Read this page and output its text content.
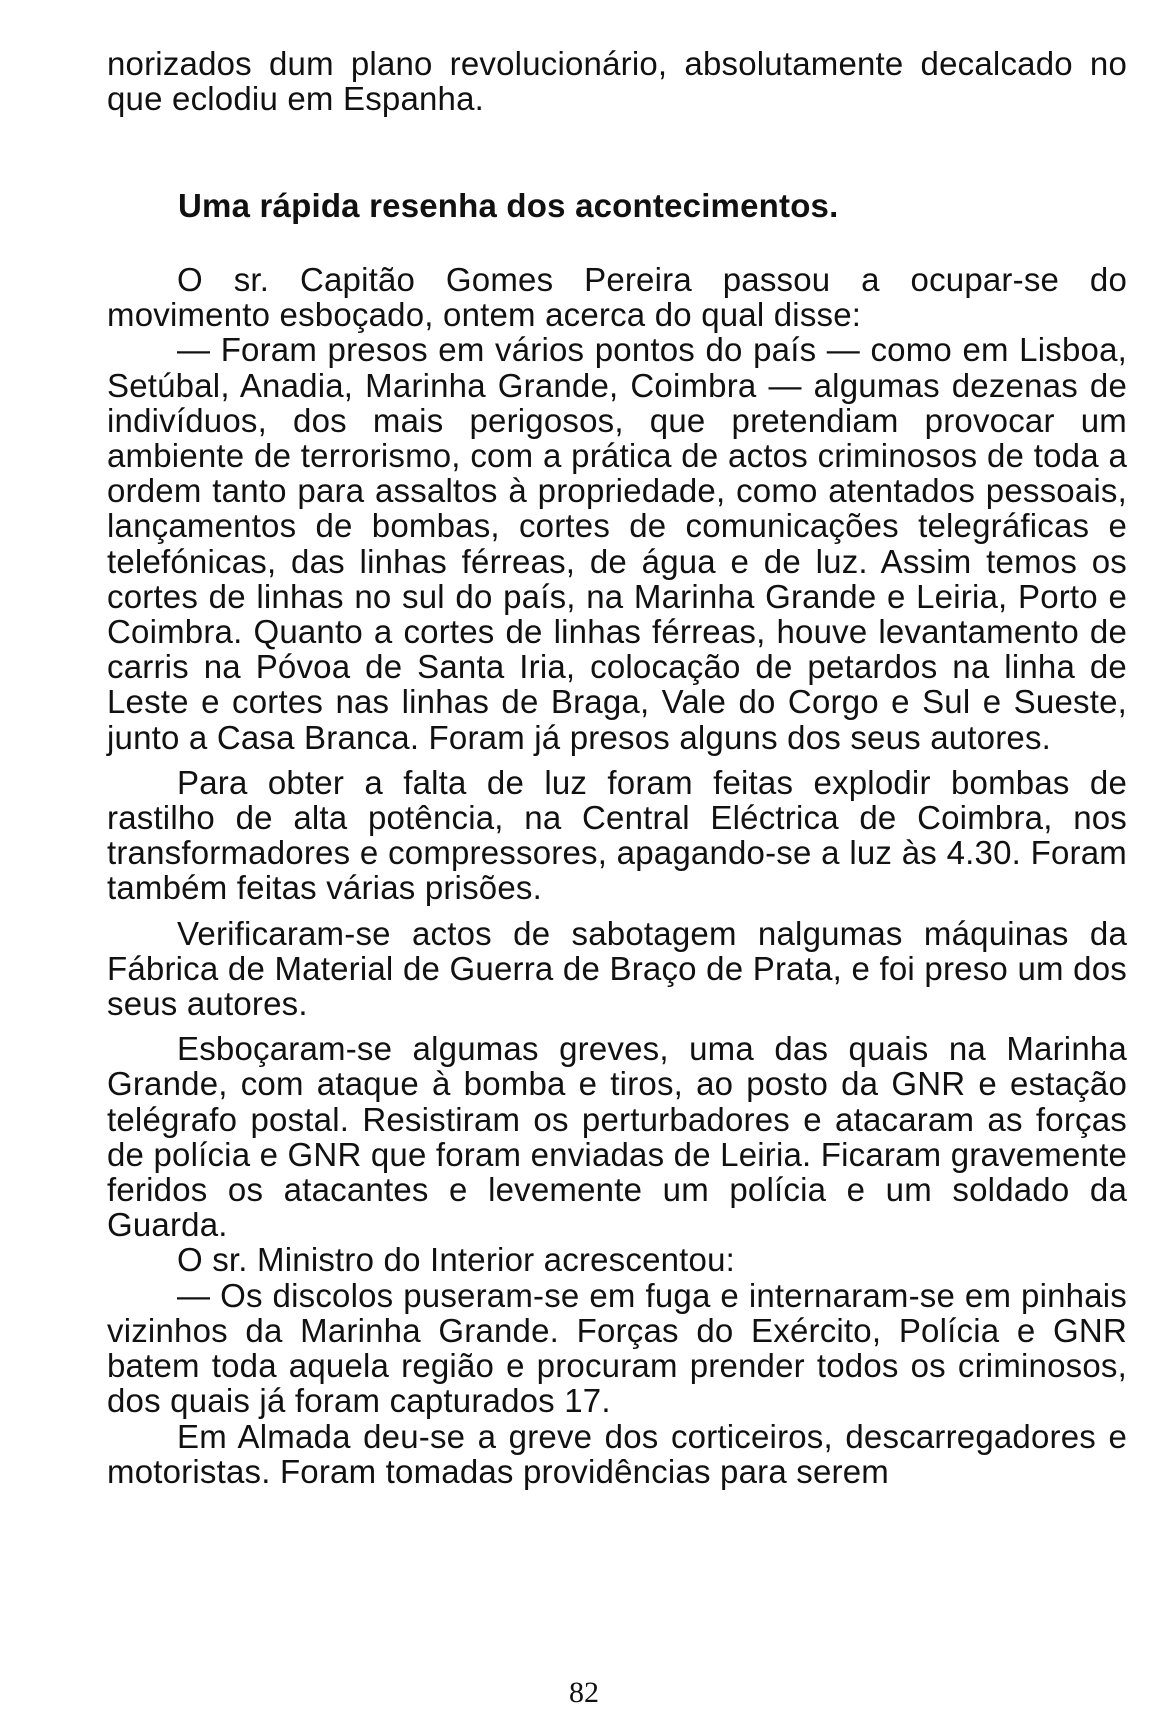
norizados dum plano revolucionário, absolutamente decalcado no que eclodiu em Espanha.

Uma rápida resenha dos acontecimentos.

O sr. Capitão Gomes Pereira passou a ocupar-se do movimento esboçado, ontem acerca do qual disse:

— Foram presos em vários pontos do país — como em Lisboa, Setúbal, Anadia, Marinha Grande, Coimbra — algumas dezenas de indivíduos, dos mais perigosos, que pretendiam provocar um ambiente de terrorismo, com a prática de actos criminosos de toda a ordem tanto para assaltos à propriedade, como atentados pessoais, lançamentos de bombas, cortes de comunicações telegráficas e telefónicas, das linhas férreas, de água e de luz. Assim temos os cortes de linhas no sul do país, na Marinha Grande e Leiria, Porto e Coimbra. Quanto a cortes de linhas férreas, houve levantamento de carris na Póvoa de Santa Iria, colocação de petardos na linha de Leste e cortes nas linhas de Braga, Vale do Corgo e Sul e Sueste, junto a Casa Branca. Foram já presos alguns dos seus autores.

Para obter a falta de luz foram feitas explodir bombas de rastilho de alta potência, na Central Eléctrica de Coimbra, nos transformadores e compressores, apagando-se a luz às 4.30. Foram também feitas várias prisões.

Verificaram-se actos de sabotagem nalgumas máquinas da Fábrica de Material de Guerra de Braço de Prata, e foi preso um dos seus autores.

Esboçaram-se algumas greves, uma das quais na Marinha Grande, com ataque à bomba e tiros, ao posto da GNR e estação telégrafo postal. Resistiram os perturbadores e atacaram as forças de polícia e GNR que foram enviadas de Leiria. Ficaram gravemente feridos os atacantes e levemente um polícia e um soldado da Guarda.

O sr. Ministro do Interior acrescentou:

— Os discolos puseram-se em fuga e internaram-se em pinhais vizinhos da Marinha Grande. Forças do Exército, Polícia e GNR batem toda aquela região e procuram prender todos os criminosos, dos quais já foram capturados 17.

Em Almada deu-se a greve dos corticeiros, descarregadores e motoristas. Foram tomadas providências para serem

82
